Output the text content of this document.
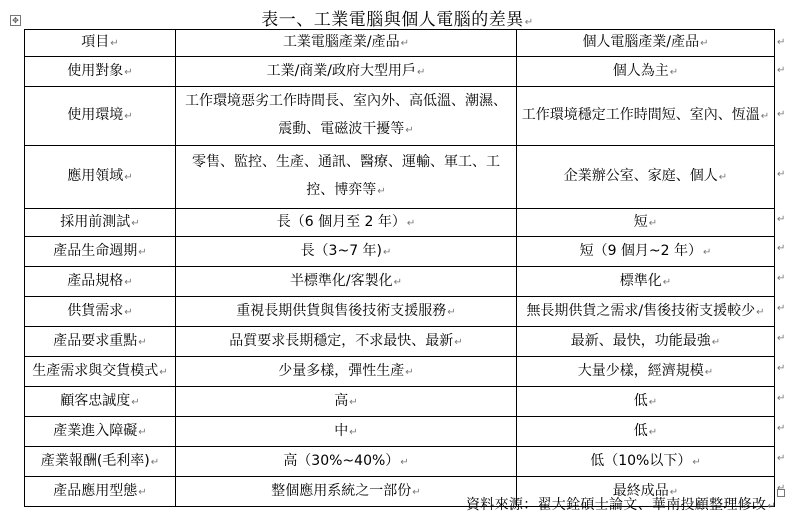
表一、工業電腦與個人電腦的差異↵
✥
項目↵	工業電腦產業/產品↵	個人電腦產業/產品↵
使用對象↵	工業/商業/政府大型用戶↵	個人為主↵
使用環境↵	工作環境惡劣工作時間長、室內外、高低溫、潮濕、震動、電磁波干擾等↵	工作環境穩定工作時間短、室內、恆溫↵
應用領域↵	零售、監控、生產、通訊、醫療、運輸、軍工、工控、博弈等↵	企業辦公室、家庭、個人↵
採用前測試↵	長（6 個月至 2 年）↵	短↵
產品生命週期↵	長（3~7 年)↵	短（9 個月~2 年）↵
產品規格↵	半標準化/客製化↵	標準化↵
供貨需求↵	重視長期供貨與售後技術支援服務↵	無長期供貨之需求/售後技術支援較少↵
產品要求重點↵	品質要求長期穩定，不求最快、最新↵	最新、最快，功能最強↵
生產需求與交貨模式↵	少量多樣，彈性生產↵	大量少樣，經濟規模↵
顧客忠誠度↵	高↵	低↵
產業進入障礙↵	中↵	低↵
產業報酬(毛利率)↵	高（30%~40%）↵	低（10%以下）↵
產品應用型態↵	整個應用系統之一部份↵	最終成品↵
資料來源：翟大銓碩士論文、華南投顧整理修改↵
↵
↵
↵
↵
↵
↵
↵
↵
↵
↵
↵
↵
↵
↵
